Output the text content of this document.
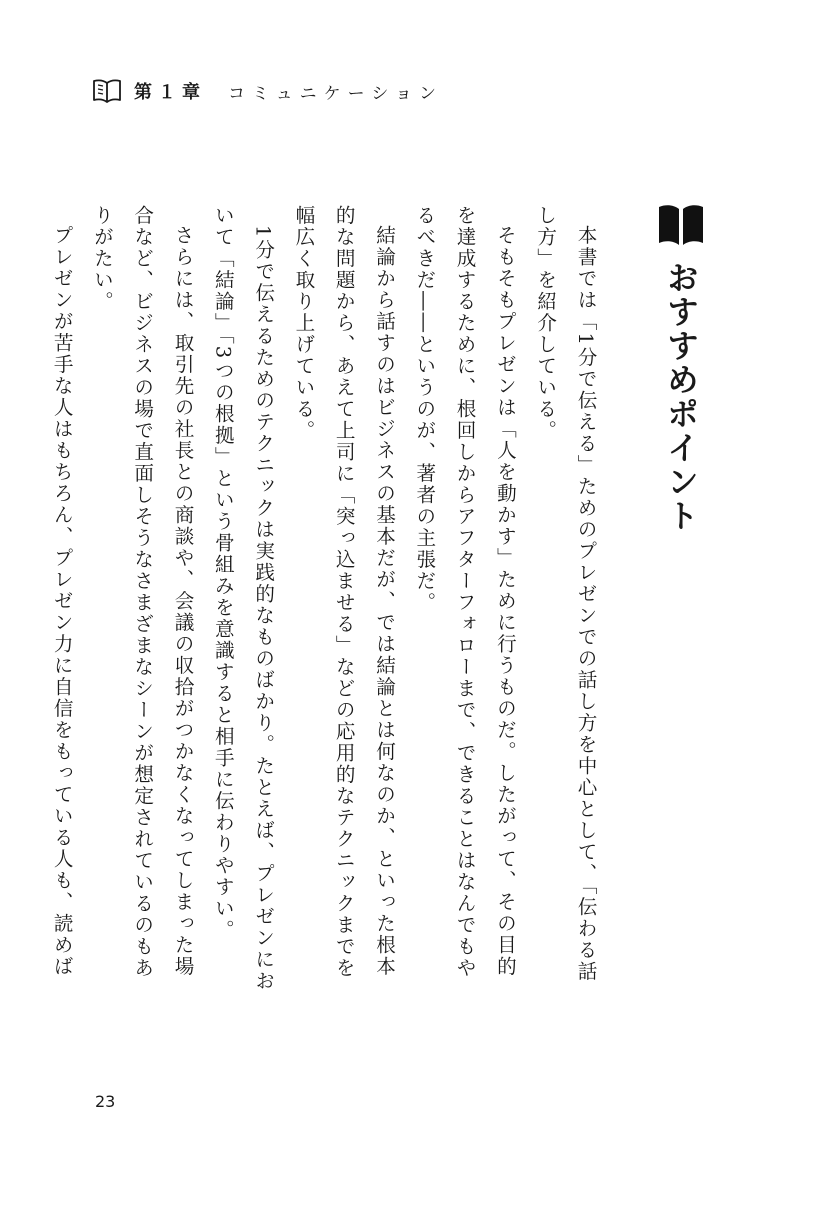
第１章 コミュニケーション
おすすめポイント

本書では「1分で伝える」ためのプレゼンでの話し方を中心として、「伝わる話し方」を紹介している。

そもそもプレゼンは「人を動かす」ために行うものだ。したがって、その目的を達成するために、根回しからアフターフォローまで、できることはなんでもやるべきだ――というのが、著者の主張だ。

結論から話すのはビジネスの基本だが、では結論とは何なのか、といった根本的な問題から、あえて上司に「突っ込ませる」などの応用的なテクニックまでを幅広く取り上げている。

1分で伝えるためのテクニックは実践的なものばかり。たとえば、プレゼンにおいて「結論」「3つの根拠」という骨組みを意識すると相手に伝わりやすい。

さらには、取引先の社長との商談や、会議の収拾がつかなくなってしまった場合など、ビジネスの場で直面しそうなさまざまなシーンが想定されているのもありがたい。

プレゼンが苦手な人はもちろん、プレゼン力に自信をもっている人も、読めば

23
